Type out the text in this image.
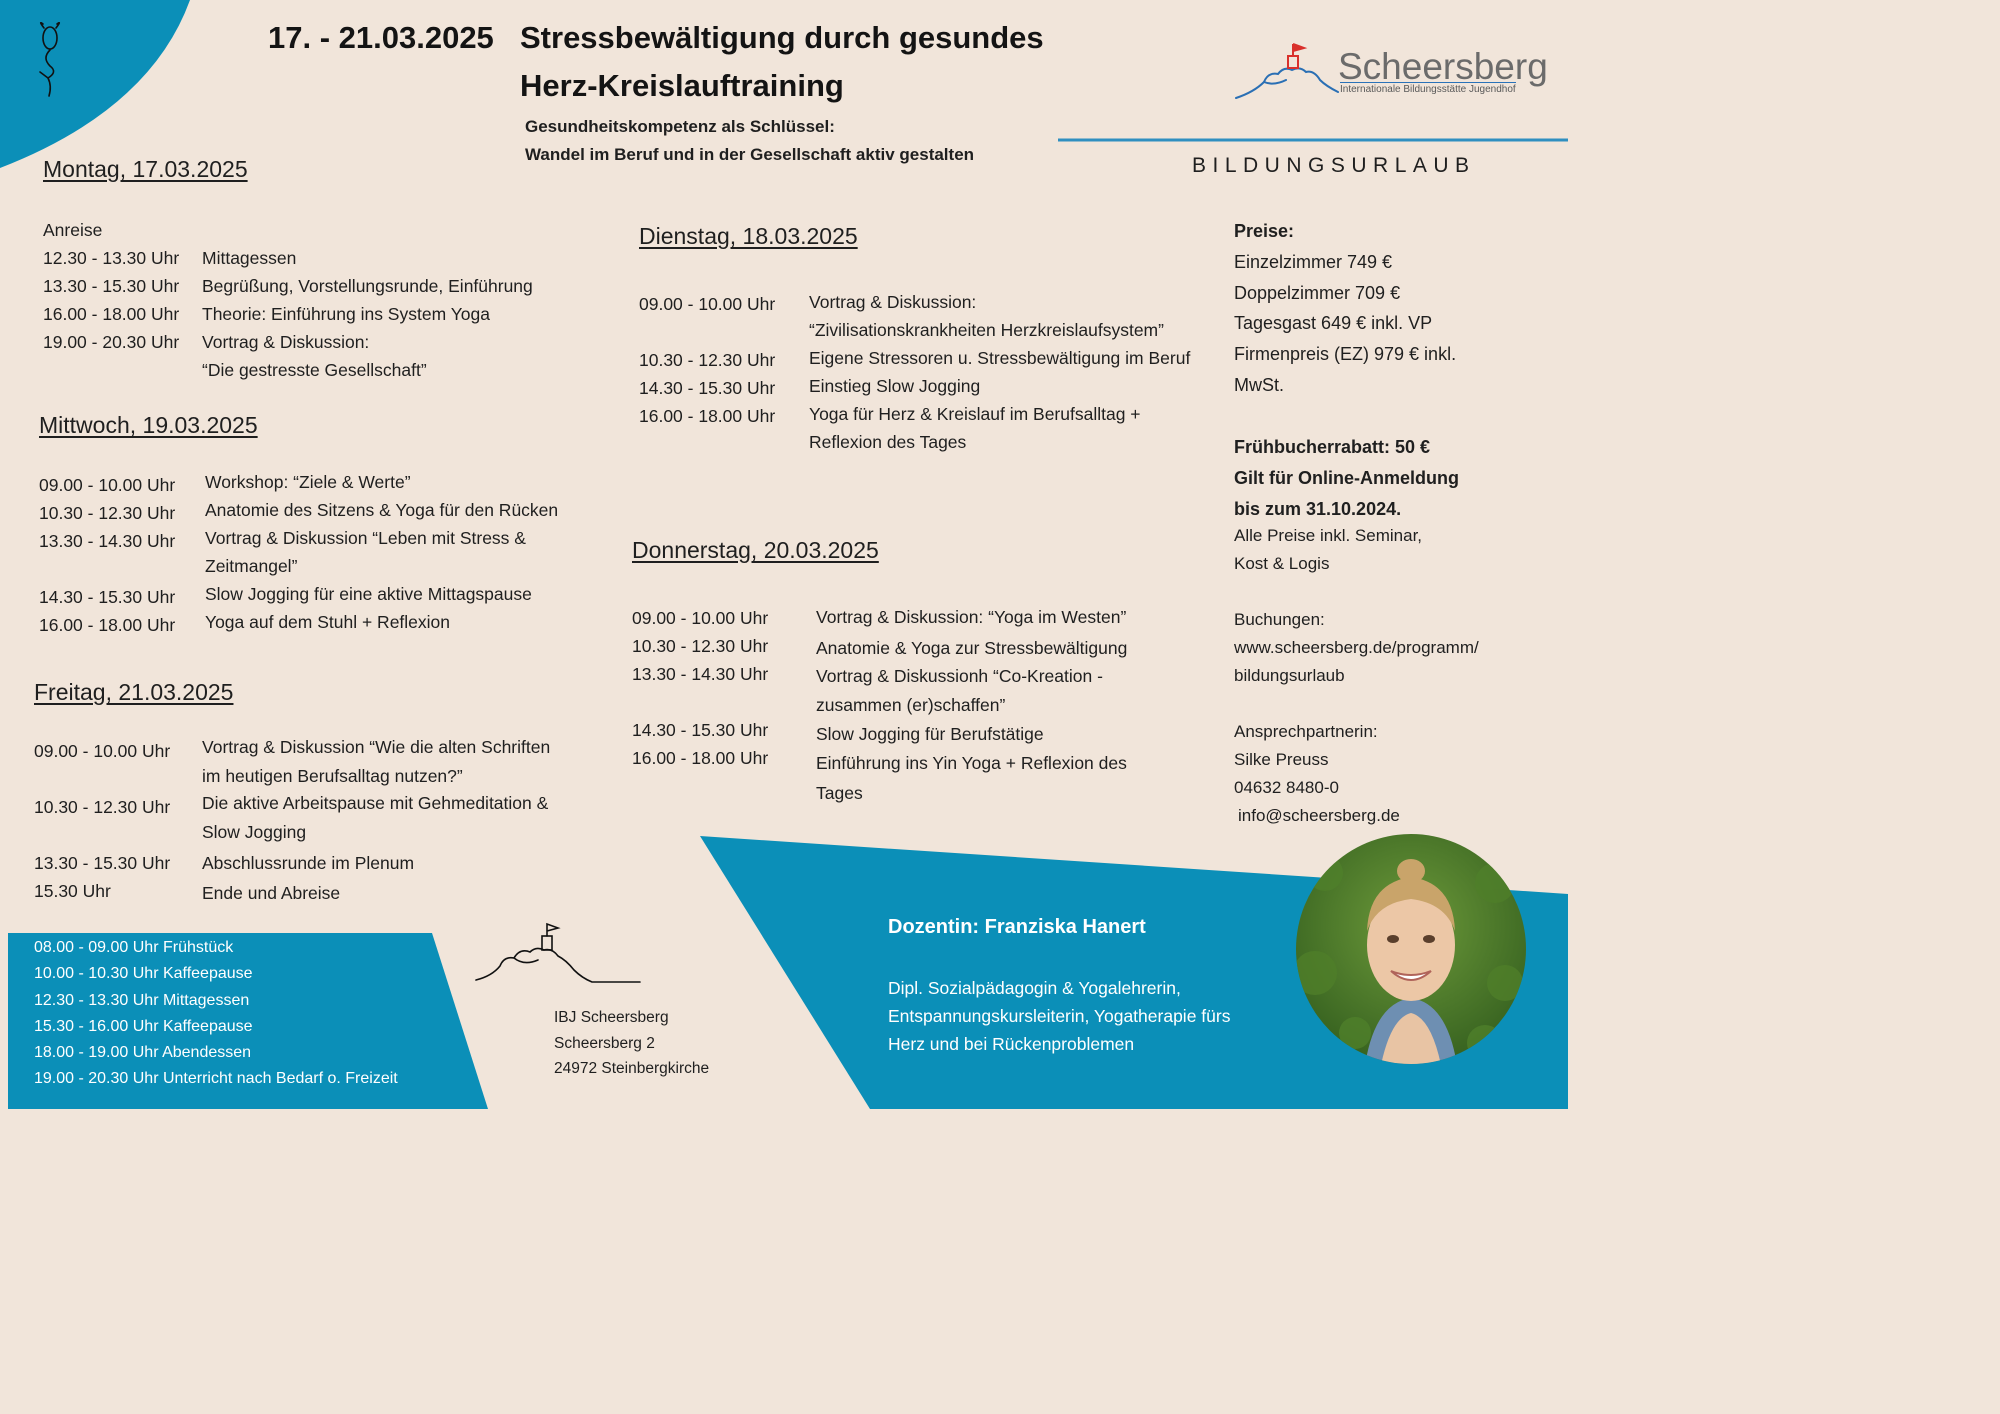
17. - 21.03.2025 Stressbewältigung durch gesundes
Herz-Kreislauftraining
Gesundheitskompetenz als Schlüssel:
Wandel im Beruf und in der Gesellschaft aktiv gestalten
Scheersberg
Internationale Bildungsstätte Jugendhof
BILDUNGSURLAUB
Montag, 17.03.2025
Anreise
12.30 - 13.30 Uhr Mittagessen
13.30 - 15.30 Uhr Begrüßung, Vorstellungsrunde, Einführung
16.00 - 18.00 Uhr Theorie: Einführung ins System Yoga
19.00 - 20.30 Uhr Vortrag & Diskussion:
“Die gestresste Gesellschaft”
Mittwoch, 19.03.2025
09.00 - 10.00 Uhr Workshop: “Ziele & Werte”
10.30 - 12.30 Uhr Anatomie des Sitzens & Yoga für den Rücken
13.30 - 14.30 Uhr Vortrag & Diskussion “Leben mit Stress &
Zeitmangel”
14.30 - 15.30 Uhr Slow Jogging für eine aktive Mittagspause
16.00 - 18.00 Uhr Yoga auf dem Stuhl + Reflexion
Freitag, 21.03.2025
09.00 - 10.00 Uhr Vortrag & Diskussion “Wie die alten Schriften
im heutigen Berufsalltag nutzen?”
10.30 - 12.30 Uhr Die aktive Arbeitspause mit Gehmeditation &
Slow Jogging
13.30 - 15.30 Uhr Abschlussrunde im Plenum
15.30 Uhr	Ende und Abreise
Dienstag, 18.03.2025
09.00 - 10.00 Uhr Vortrag & Diskussion:
“Zivilisationskrankheiten Herzkreislaufsystem”
10.30 - 12.30 Uhr Eigene Stressoren u. Stressbewältigung im Beruf
14.30 - 15.30 Uhr Einstieg Slow Jogging
16.00 - 18.00 Uhr Yoga für Herz & Kreislauf im Berufsalltag +
Reflexion des Tages
Donnerstag, 20.03.2025
09.00 - 10.00 Uhr	Vortrag & Diskussion: “Yoga im Westen”
10.30 - 12.30 Uhr	Anatomie & Yoga zur Stressbewältigung
13.30 - 14.30 Uhr	Vortrag & Diskussionh “Co-Kreation -
zusammen (er)schaffen”
14.30 - 15.30 Uhr	Slow Jogging für Berufstätige
16.00 - 18.00 Uhr	Einführung ins Yin Yoga + Reflexion des
Tages
Preise:
Einzelzimmer 749 €
Doppelzimmer 709 €
Tagesgast 649 € inkl. VP
Firmenpreis (EZ) 979 € inkl.
MwSt.
Frühbucherrabatt: 50 €
Gilt für Online-Anmeldung
bis zum 31.10.2024.
Alle Preise inkl. Seminar,
Kost & Logis
Buchungen:
www.scheersberg.de/programm/
bildungsurlaub
Ansprechpartnerin:
Silke Preuss
04632 8480-0
info@scheersberg.de
08.00 - 09.00 Uhr Frühstück
10.00 - 10.30 Uhr Kaffeepause
12.30 - 13.30 Uhr Mittagessen
15.30 - 16.00 Uhr Kaffeepause
18.00 - 19.00 Uhr Abendessen
19.00 - 20.30 Uhr Unterricht nach Bedarf o. Freizeit
IBJ Scheersberg
Scheersberg 2
24972 Steinbergkirche
Dozentin: Franziska Hanert
Dipl. Sozialpädagogin & Yogalehrerin,
Entspannungskursleiterin, Yogatherapie fürs
Herz und bei Rückenproblemen
